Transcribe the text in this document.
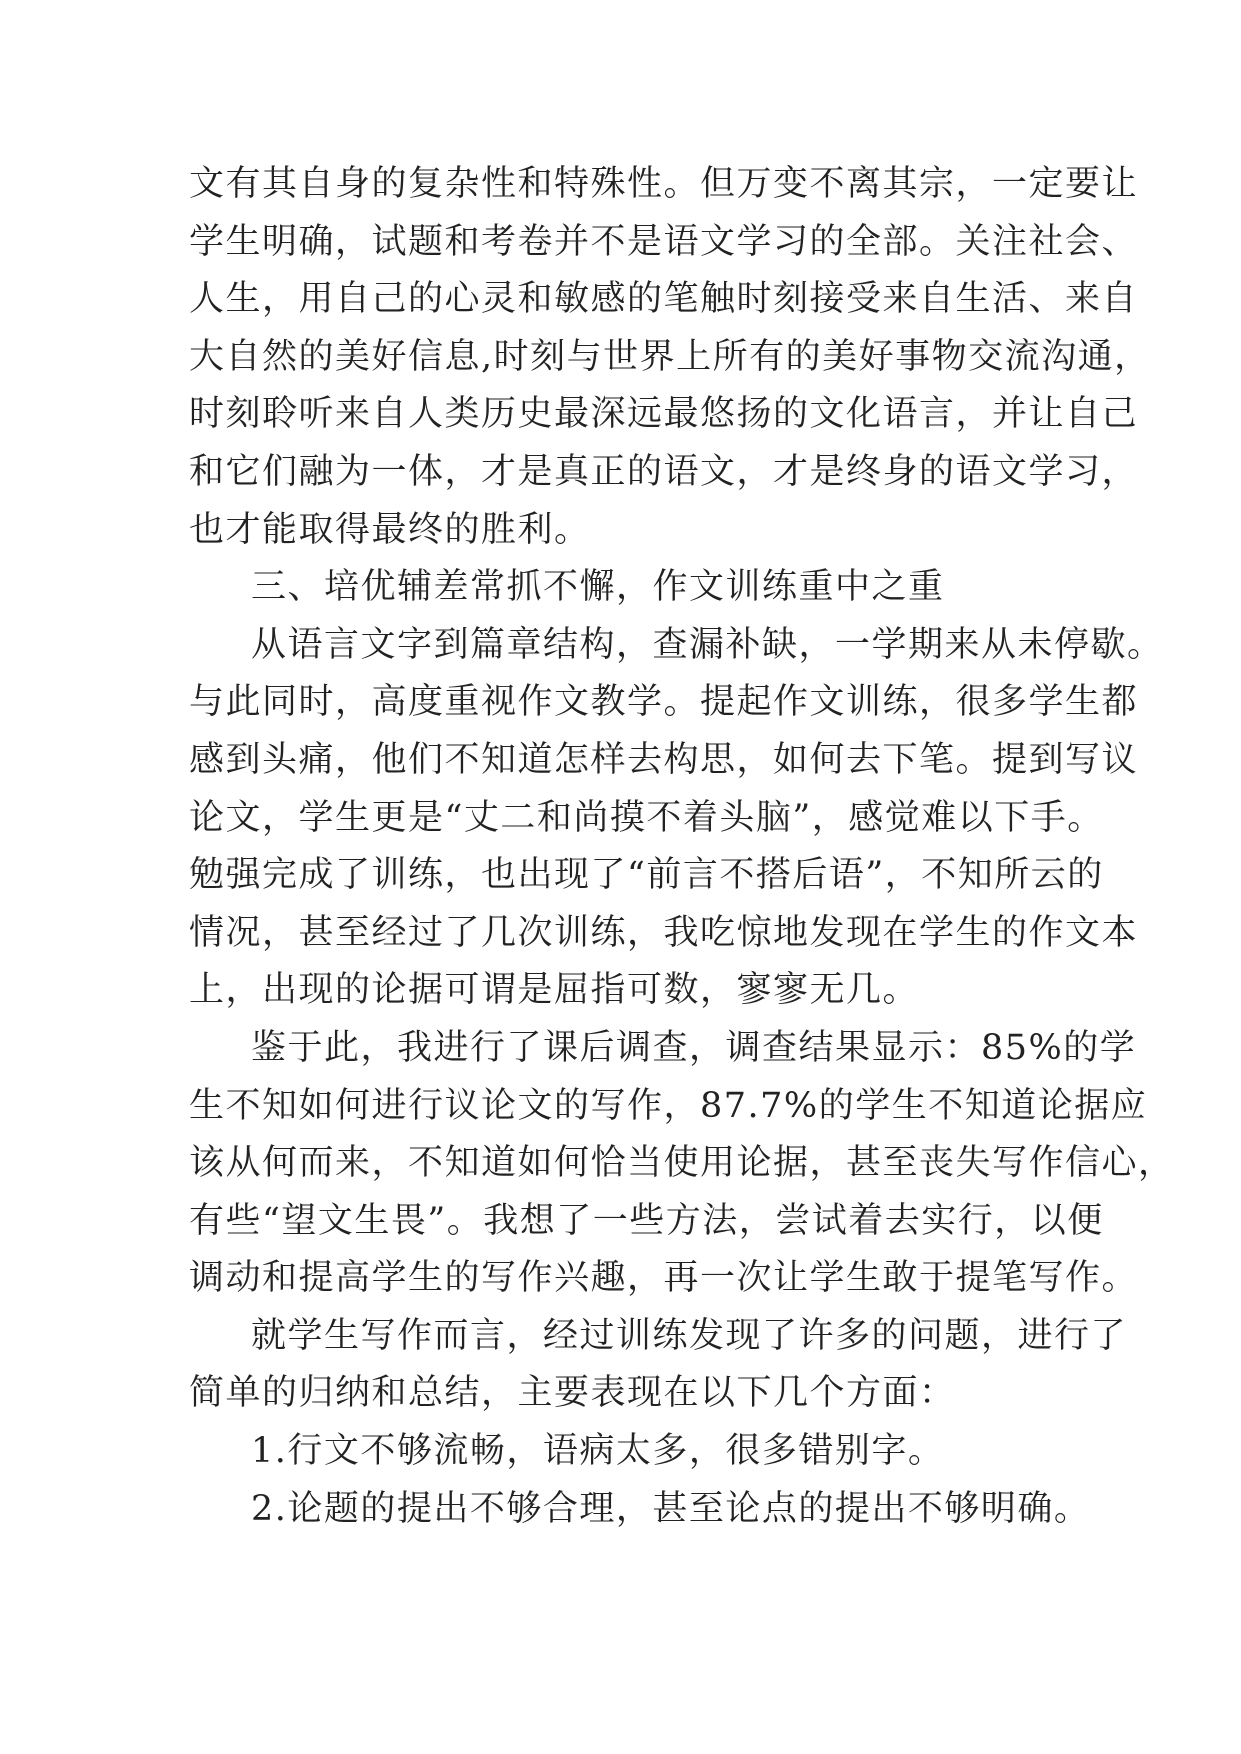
文有其自身的复杂性和特殊性。但万变不离其宗，一定要让
学生明确，试题和考卷并不是语文学习的全部。关注社会、
人生，用自己的心灵和敏感的笔触时刻接受来自生活、来自
大自然的美好信息,时刻与世界上所有的美好事物交流沟通，
时刻聆听来自人类历史最深远最悠扬的文化语言，并让自己
和它们融为一体，才是真正的语文，才是终身的语文学习，
也才能取得最终的胜利。
三、培优辅差常抓不懈，作文训练重中之重
从语言文字到篇章结构，查漏补缺，一学期来从未停歇。
与此同时，高度重视作文教学。提起作文训练，很多学生都
感到头痛，他们不知道怎样去构思，如何去下笔。提到写议
论文，学生更是“丈二和尚摸不着头脑”，感觉难以下手。
勉强完成了训练，也出现了“前言不搭后语”，不知所云的
情况，甚至经过了几次训练，我吃惊地发现在学生的作文本
上，出现的论据可谓是屈指可数，寥寥无几。
鉴于此，我进行了课后调查，调查结果显示：85%的学
生不知如何进行议论文的写作，87.7%的学生不知道论据应
该从何而来，不知道如何恰当使用论据，甚至丧失写作信心，
有些“望文生畏”。我想了一些方法，尝试着去实行，以便
调动和提高学生的写作兴趣，再一次让学生敢于提笔写作。
就学生写作而言，经过训练发现了许多的问题，进行了
简单的归纳和总结，主要表现在以下几个方面：
1.行文不够流畅，语病太多，很多错别字。
2.论题的提出不够合理，甚至论点的提出不够明确。
